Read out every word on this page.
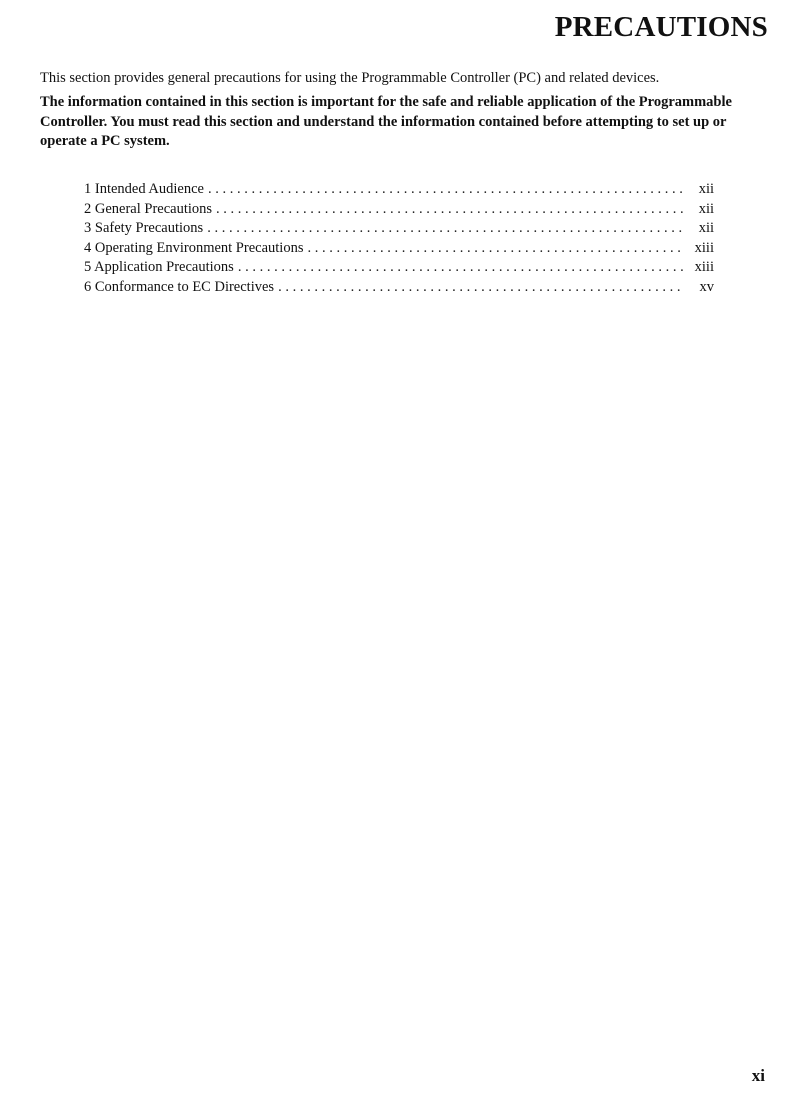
PRECAUTIONS

This section provides general precautions for using the Programmable Controller (PC) and related devices.

The information contained in this section is important for the safe and reliable application of the Programmable Controller. You must read this section and understand the information contained before attempting to set up or operate a PC system.

1 Intended Audience . . .	xii
2 General Precautions . . .	xii
3 Safety Precautions . . .	xii
4 Operating Environment Precautions . . .	xiii
5 Application Precautions . . .	xiii
6 Conformance to EC Directives . . .	xv
xi
